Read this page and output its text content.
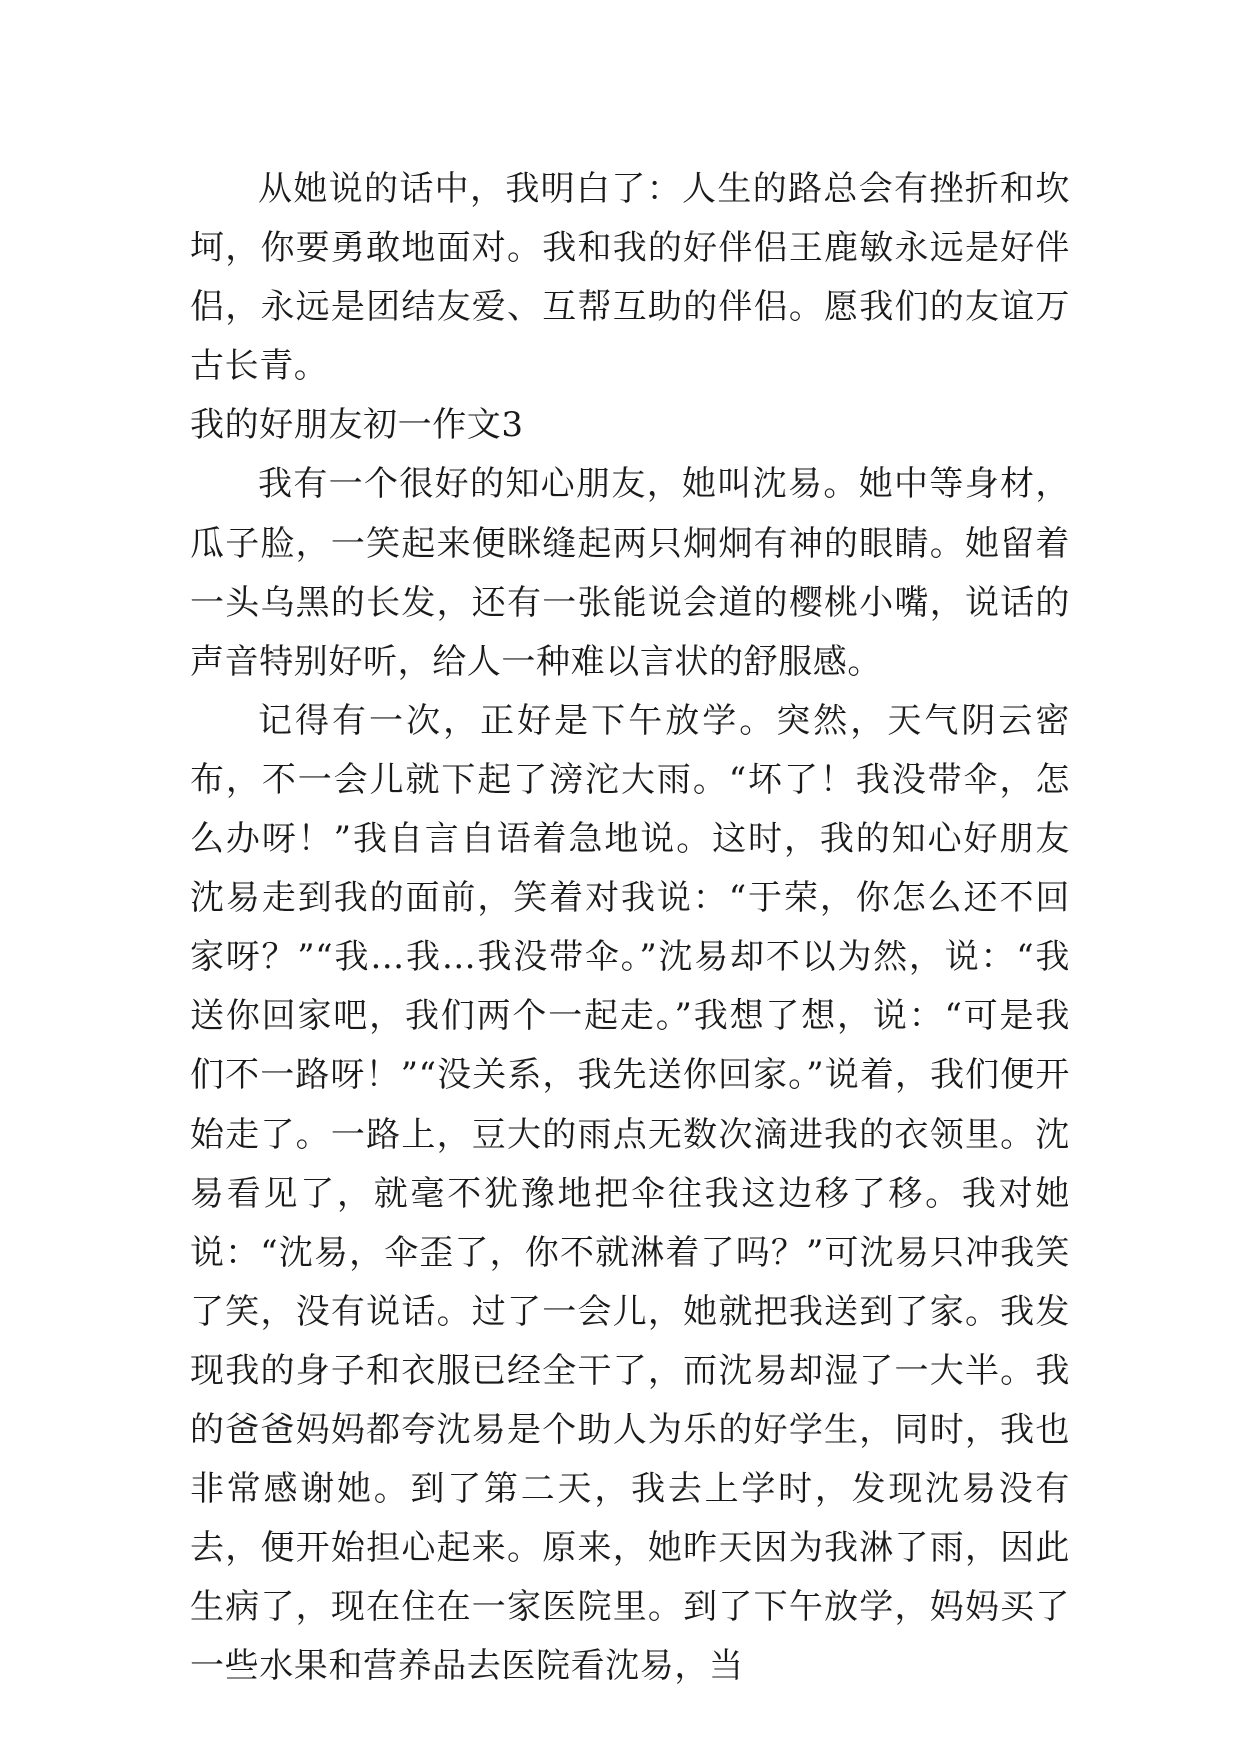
从她说的话中，我明白了：人生的路总会有挫折和坎坷，你要勇敢地面对。我和我的好伴侣王鹿敏永远是好伴侣，永远是团结友爱、互帮互助的伴侣。愿我们的友谊万古长青。

我的好朋友初一作文3

我有一个很好的知心朋友，她叫沈易。她中等身材，瓜子脸，一笑起来便眯缝起两只炯炯有神的眼睛。她留着一头乌黑的长发，还有一张能说会道的樱桃小嘴，说话的声音特别好听，给人一种难以言状的舒服感。

记得有一次，正好是下午放学。突然，天气阴云密布，不一会儿就下起了滂沱大雨。“坏了！我没带伞，怎么办呀！”我自言自语着急地说。这时，我的知心好朋友沈易走到我的面前，笑着对我说：“于荣，你怎么还不回家呀？”“我…我…我没带伞。”沈易却不以为然，说：“我送你回家吧，我们两个一起走。”我想了想，说：“可是我们不一路呀！”“没关系，我先送你回家。”说着，我们便开始走了。一路上，豆大的雨点无数次滴进我的衣领里。沈易看见了，就毫不犹豫地把伞往我这边移了移。我对她说：“沈易，伞歪了，你不就淋着了吗？”可沈易只冲我笑了笑，没有说话。过了一会儿，她就把我送到了家。我发现我的身子和衣服已经全干了，而沈易却湿了一大半。我的爸爸妈妈都夸沈易是个助人为乐的好学生，同时，我也非常感谢她。到了第二天，我去上学时，发现沈易没有去，便开始担心起来。原来，她昨天因为我淋了雨，因此生病了，现在住在一家医院里。到了下午放学，妈妈买了一些水果和营养品去医院看沈易，当
